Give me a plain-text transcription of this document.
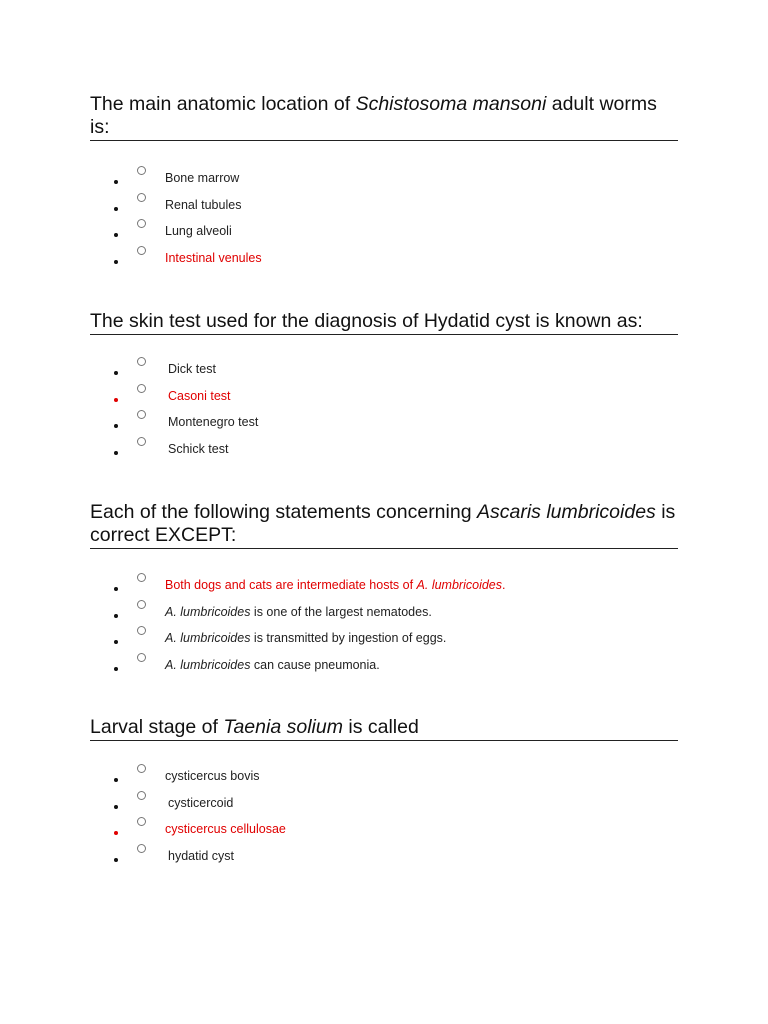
The main anatomic location of Schistosoma mansoni adult worms is:
Bone marrow
Renal tubules
Lung alveoli
Intestinal venules
The skin test used for the diagnosis of Hydatid cyst is known as:
Dick test
Casoni test
Montenegro test
Schick test
Each of the following statements concerning Ascaris lumbricoides is correct EXCEPT:
Both dogs and cats are intermediate hosts of A. lumbricoides.
A. lumbricoides is one of the largest nematodes.
A. lumbricoides is transmitted by ingestion of eggs.
A. lumbricoides can cause pneumonia.
Larval stage of Taenia solium is called
cysticercus bovis
cysticercoid
cysticercus cellulosae
hydatid cyst
